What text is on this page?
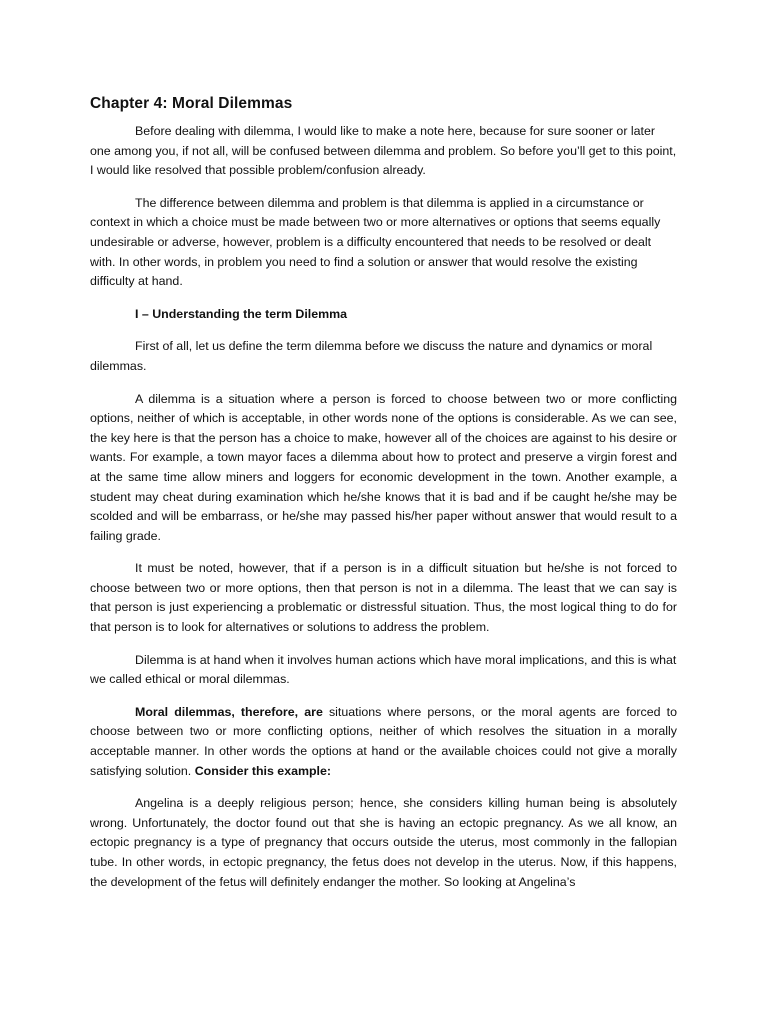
Chapter 4: Moral Dilemmas

Before dealing with dilemma, I would like to make a note here, because for sure sooner or later one among you, if not all, will be confused between dilemma and problem. So before you’ll get to this point, I would like resolved that possible problem/confusion already.

The difference between dilemma and problem is that dilemma is applied in a circumstance or context in which a choice must be made between two or more alternatives or options that seems equally undesirable or adverse, however, problem is a difficulty encountered that needs to be resolved or dealt with. In other words, in problem you need to find a solution or answer that would resolve the existing difficulty at hand.

I – Understanding the term Dilemma

First of all, let us define the term dilemma before we discuss the nature and dynamics or moral dilemmas.

A dilemma is a situation where a person is forced to choose between two or more conflicting options, neither of which is acceptable, in other words none of the options is considerable. As we can see, the key here is that the person has a choice to make, however all of the choices are against to his desire or wants. For example, a town mayor faces a dilemma about how to protect and preserve a virgin forest and at the same time allow miners and loggers for economic development in the town. Another example, a student may cheat during examination which he/she knows that it is bad and if be caught he/she may be scolded and will be embarrass, or he/she may passed his/her paper without answer that would result to a failing grade.

It must be noted, however, that if a person is in a difficult situation but he/she is not forced to choose between two or more options, then that person is not in a dilemma. The least that we can say is that person is just experiencing a problematic or distressful situation. Thus, the most logical thing to do for that person is to look for alternatives or solutions to address the problem.

Dilemma is at hand when it involves human actions which have moral implications, and this is what we called ethical or moral dilemmas.

Moral dilemmas, therefore, are situations where persons, or the moral agents are forced to choose between two or more conflicting options, neither of which resolves the situation in a morally acceptable manner. In other words the options at hand or the available choices could not give a morally satisfying solution. Consider this example:

Angelina is a deeply religious person; hence, she considers killing human being is absolutely wrong. Unfortunately, the doctor found out that she is having an ectopic pregnancy. As we all know, an ectopic pregnancy is a type of pregnancy that occurs outside the uterus, most commonly in the fallopian tube. In other words, in ectopic pregnancy, the fetus does not develop in the uterus. Now, if this happens, the development of the fetus will definitely endanger the mother. So looking at Angelina’s
